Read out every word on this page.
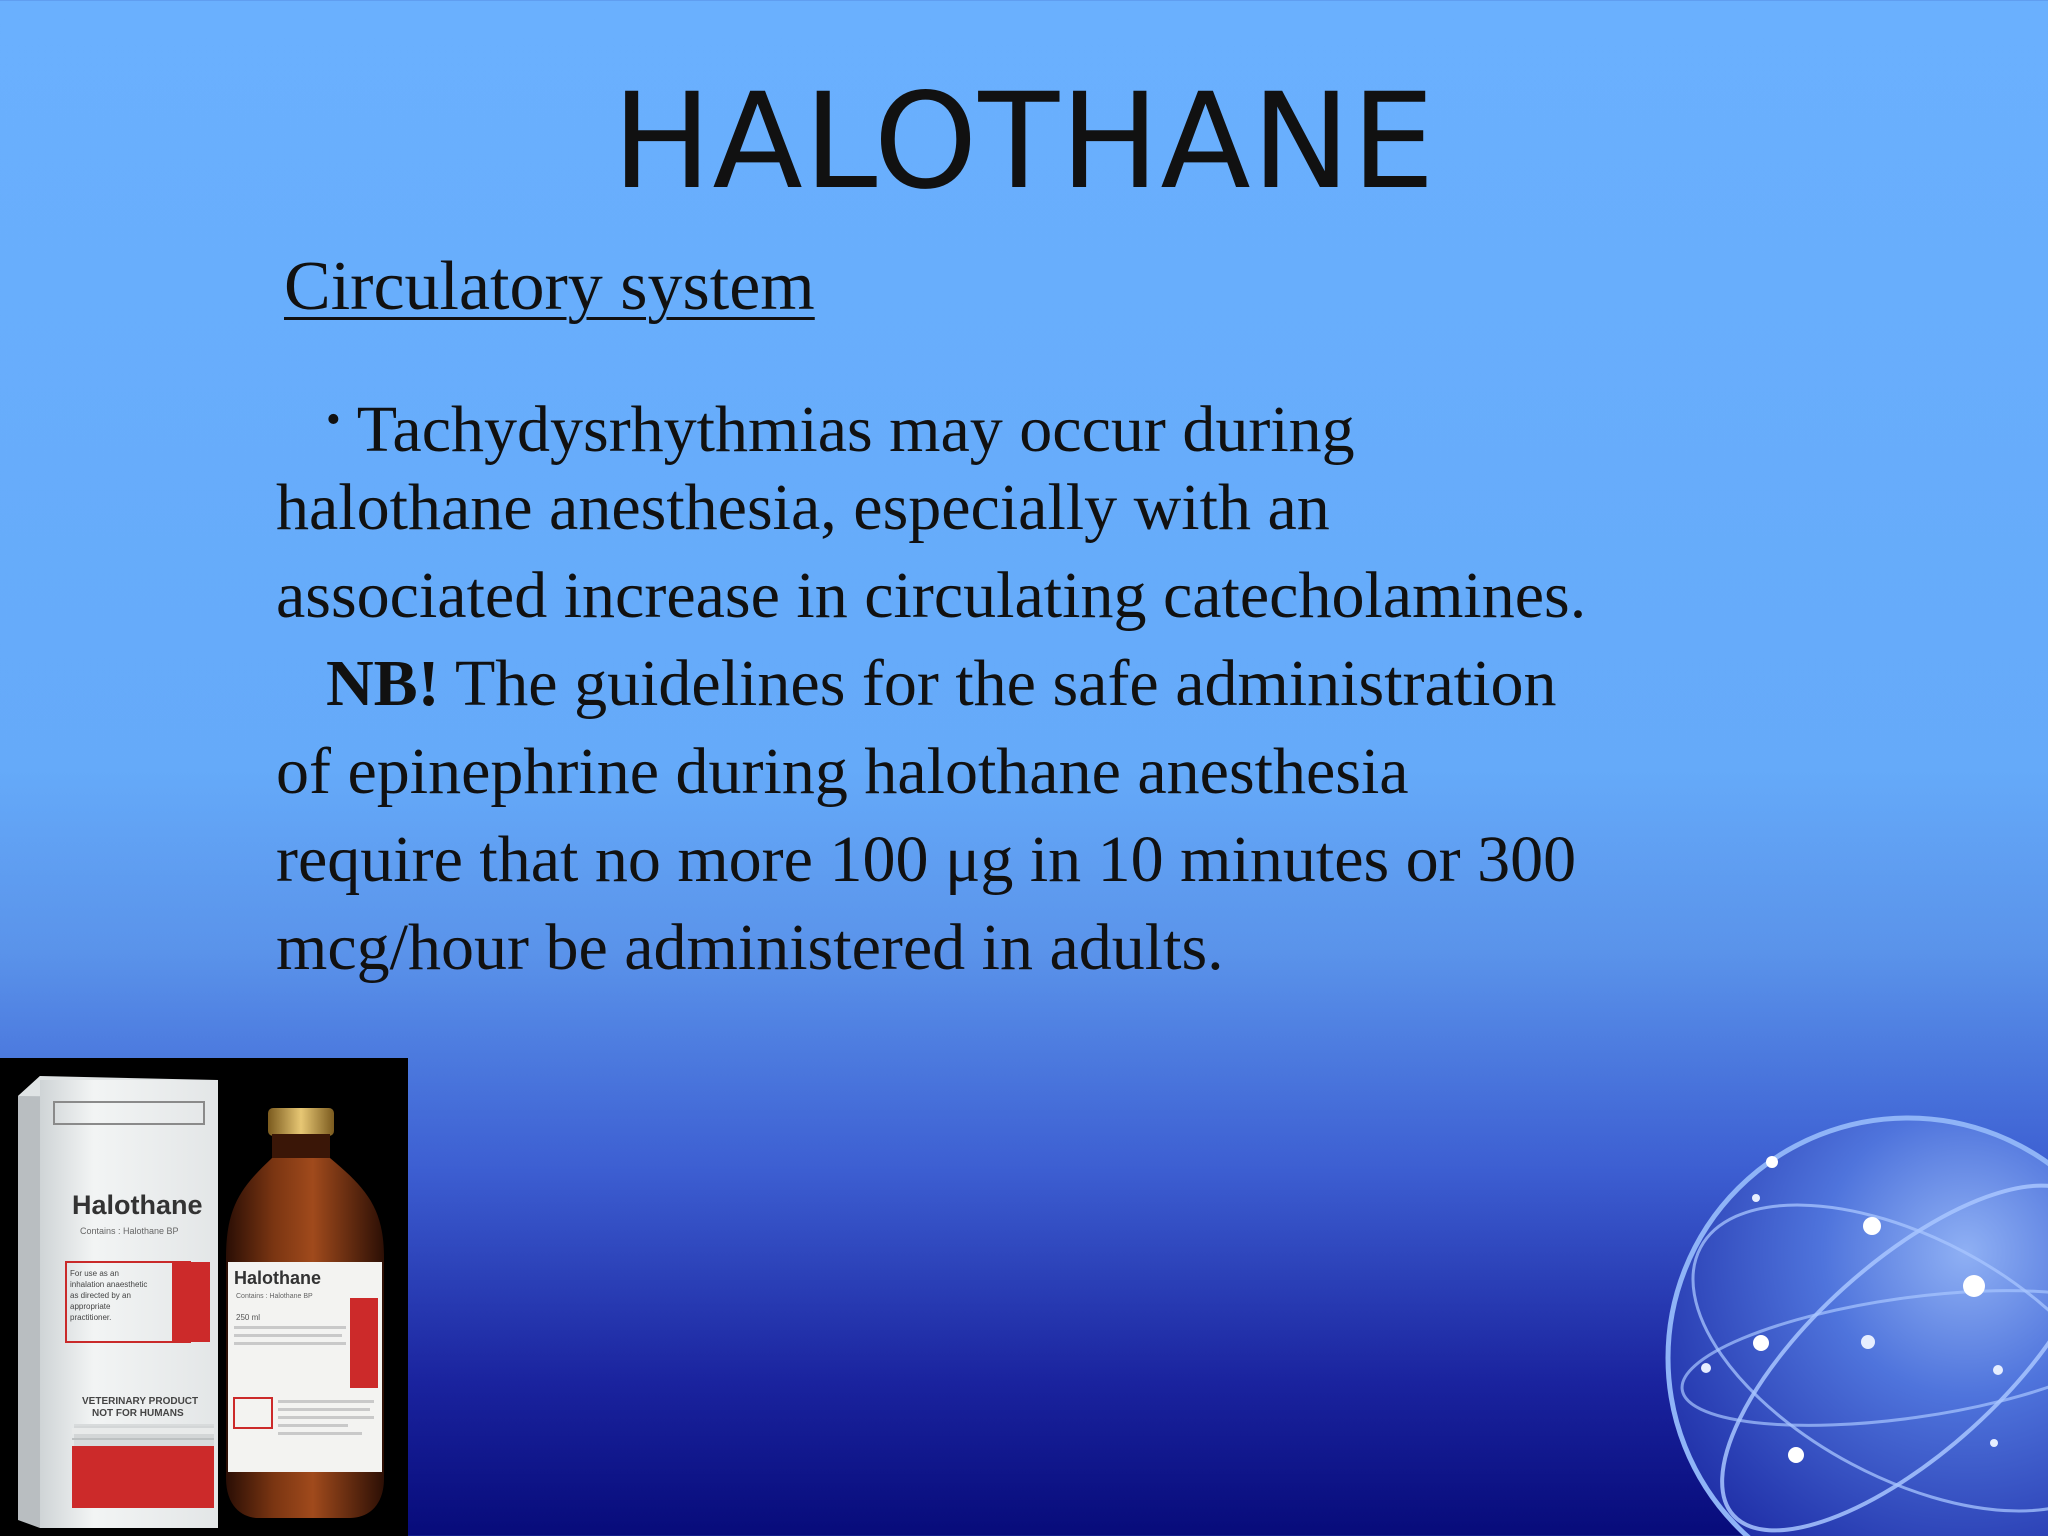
HALOTHANE
Circulatory system
• Tachydysrhythmias may occur during
halothane anesthesia, especially with an
associated increase in circulating catecholamines.
NB! The guidelines for the safe administration
of epinephrine during halothane anesthesia
require that no more 100 μg in 10 minutes or 300
mcg/hour be administered in adults.
Halothane
Contains : Halothane BP
For use as an
inhalation anaesthetic
as directed by an
appropriate
practitioner.
VETERINARY PRODUCT
NOT FOR HUMANS
Halothane
Contains : Halothane BP
250 ml
